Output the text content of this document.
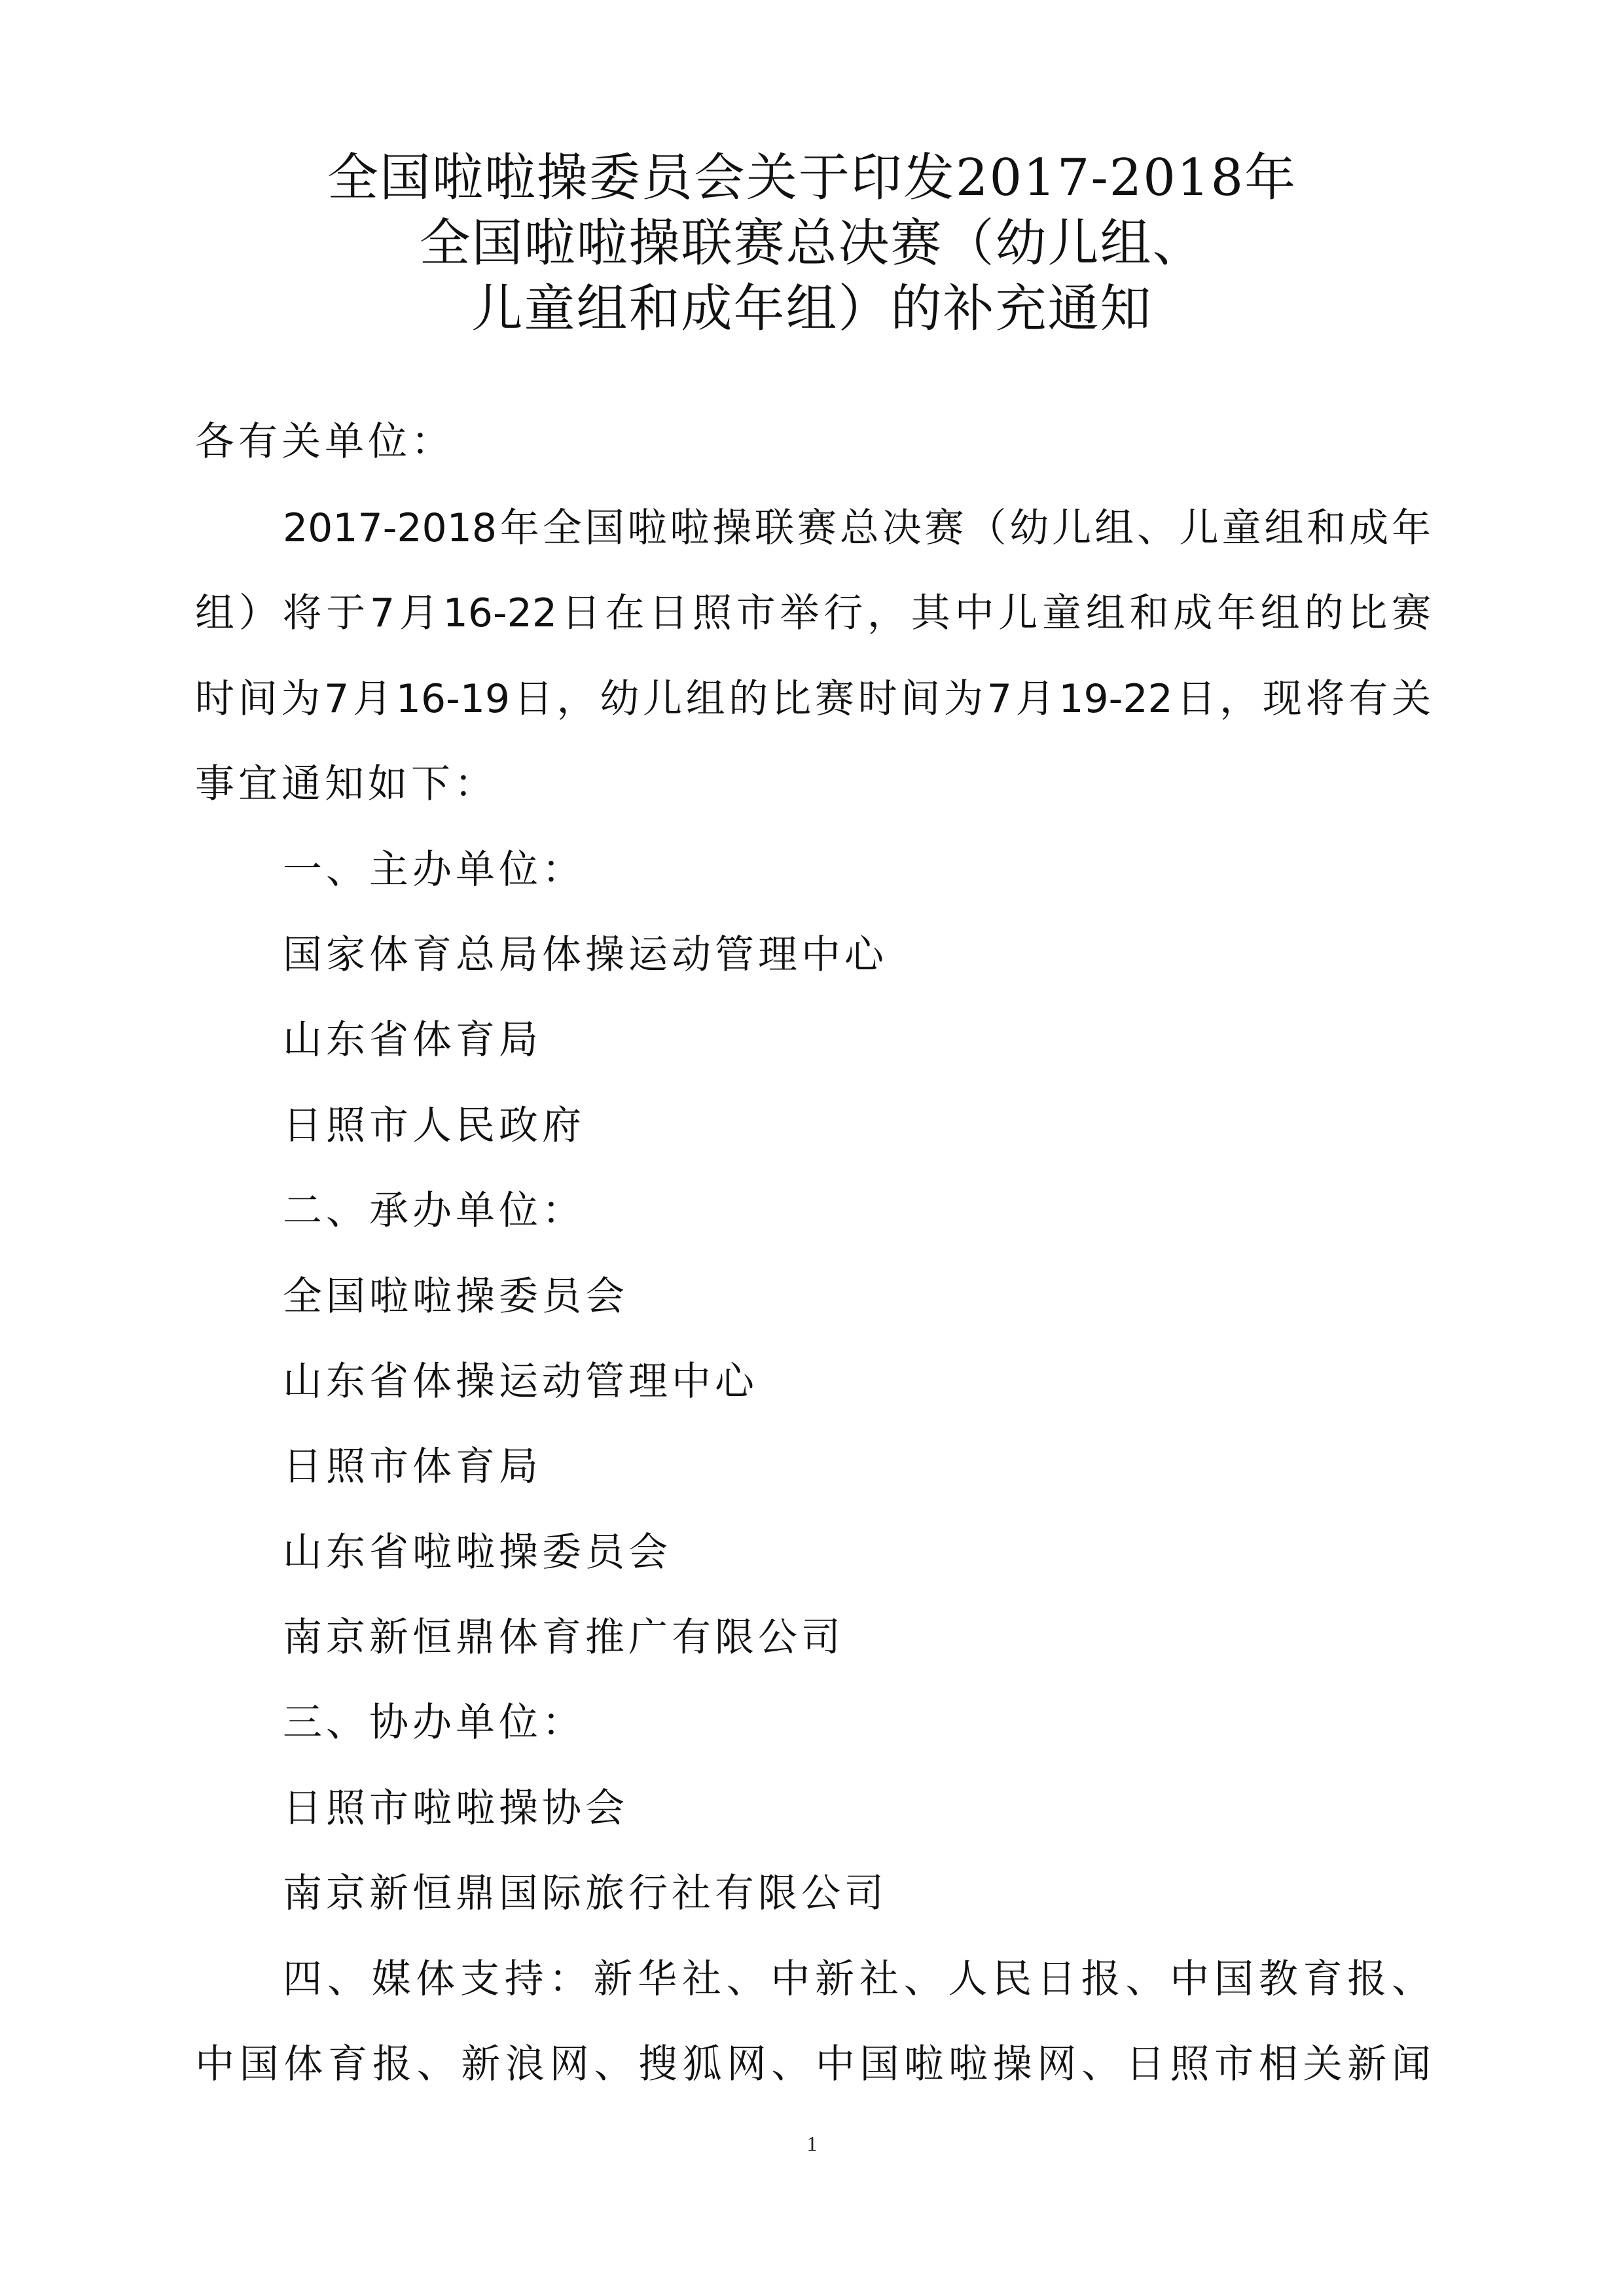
全国啦啦操委员会关于印发2017-2018年
全国啦啦操联赛总决赛（幼儿组、
儿童组和成年组）的补充通知
各有关单位：
2017-2018年全国啦啦操联赛总决赛（幼儿组、儿童组和成年
组）将于7月16-22日在日照市举行，其中儿童组和成年组的比赛
时间为7月16-19日，幼儿组的比赛时间为7月19-22日，现将有关
事宜通知如下：
一、主办单位：
国家体育总局体操运动管理中心
山东省体育局
日照市人民政府
二、承办单位：
全国啦啦操委员会
山东省体操运动管理中心
日照市体育局
山东省啦啦操委员会
南京新恒鼎体育推广有限公司
三、协办单位：
日照市啦啦操协会
南京新恒鼎国际旅行社有限公司
四、媒体支持：新华社、中新社、人民日报、中国教育报、
中国体育报、新浪网、搜狐网、中国啦啦操网、日照市相关新闻
1
